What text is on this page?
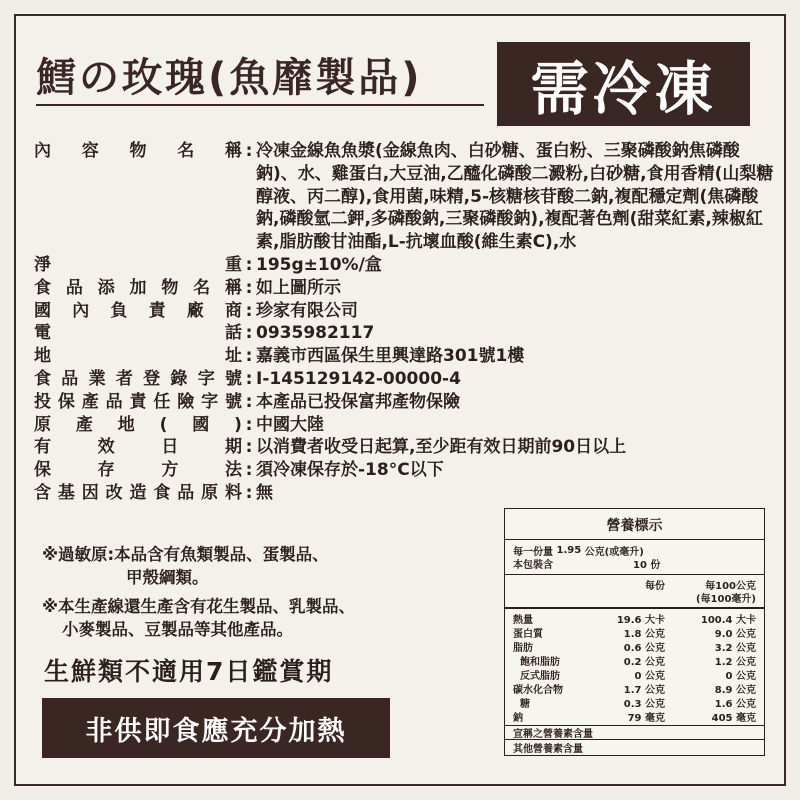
鱈の玫瑰(魚靡製品)	需冷凍
內 容 物 名 稱 : 冷凍金線魚魚漿(金線魚肉、白砂糖、蛋白粉、三聚磷酸鈉焦磷酸鈉)、水、雞蛋白,大豆油,乙醯化磷酸二澱粉,白砂糖,食用香精(山梨糖醇液、丙二醇),食用菌,味精,5-核糖核苷酸二鈉,複配穩定劑(焦磷酸鈉,磷酸氫二鉀,多磷酸鈉,三聚磷酸鈉),複配著色劑(甜菜紅素,辣椒紅素,脂肪酸甘油酯,L-抗壞血酸(維生素C),水
淨	重 : 195g±10%/盒
食 品 添 加 物 名 稱 : 如上圖所示
國 內 負 責 廠 商 : 珍家有限公司
電	話 : 0935982117
地	址 : 嘉義市西區保生里興達路301號1樓
食 品 業 者 登 錄 字 號 : I-145129142-00000-4
投 保 產 品 責 任 險 字 號 : 本產品已投保富邦產物保險
原 產 地 ( 國 ) : 中國大陸
有	效	日	期 : 以消費者收受日起算,至少距有效日期前90日以上
保	存	方	法 : 須冷凍保存於-18°C以下
含 基 因 改 造 食 品 原 料 : 無

※過敏原:本品含有魚類製品、蛋製品、
甲殼綱類。

※本生產線還生產含有花生製品、乳製品、
小麥製品、豆製品等其他產品。

生鮮類不適用7日鑑賞期
非供即食應充分加熱
營養標示
每一份量
1.95
公克(或毫升)
本包裝含	10 份
每份	每100公克
(每100毫升)
熱量	19.6 大卡	100.4 大卡
蛋白質	1.8 公克	9.0 公克
脂肪	0.6 公克	3.2 公克
飽和脂肪	0.2 公克	1.2 公克
反式脂肪	0 公克	0 公克
碳水化合物	1.7 公克	8.9 公克
糖	0.3 公克	1.6 公克
鈉	79 毫克	405 毫克
宣稱之營養素含量
其他營養素含量
